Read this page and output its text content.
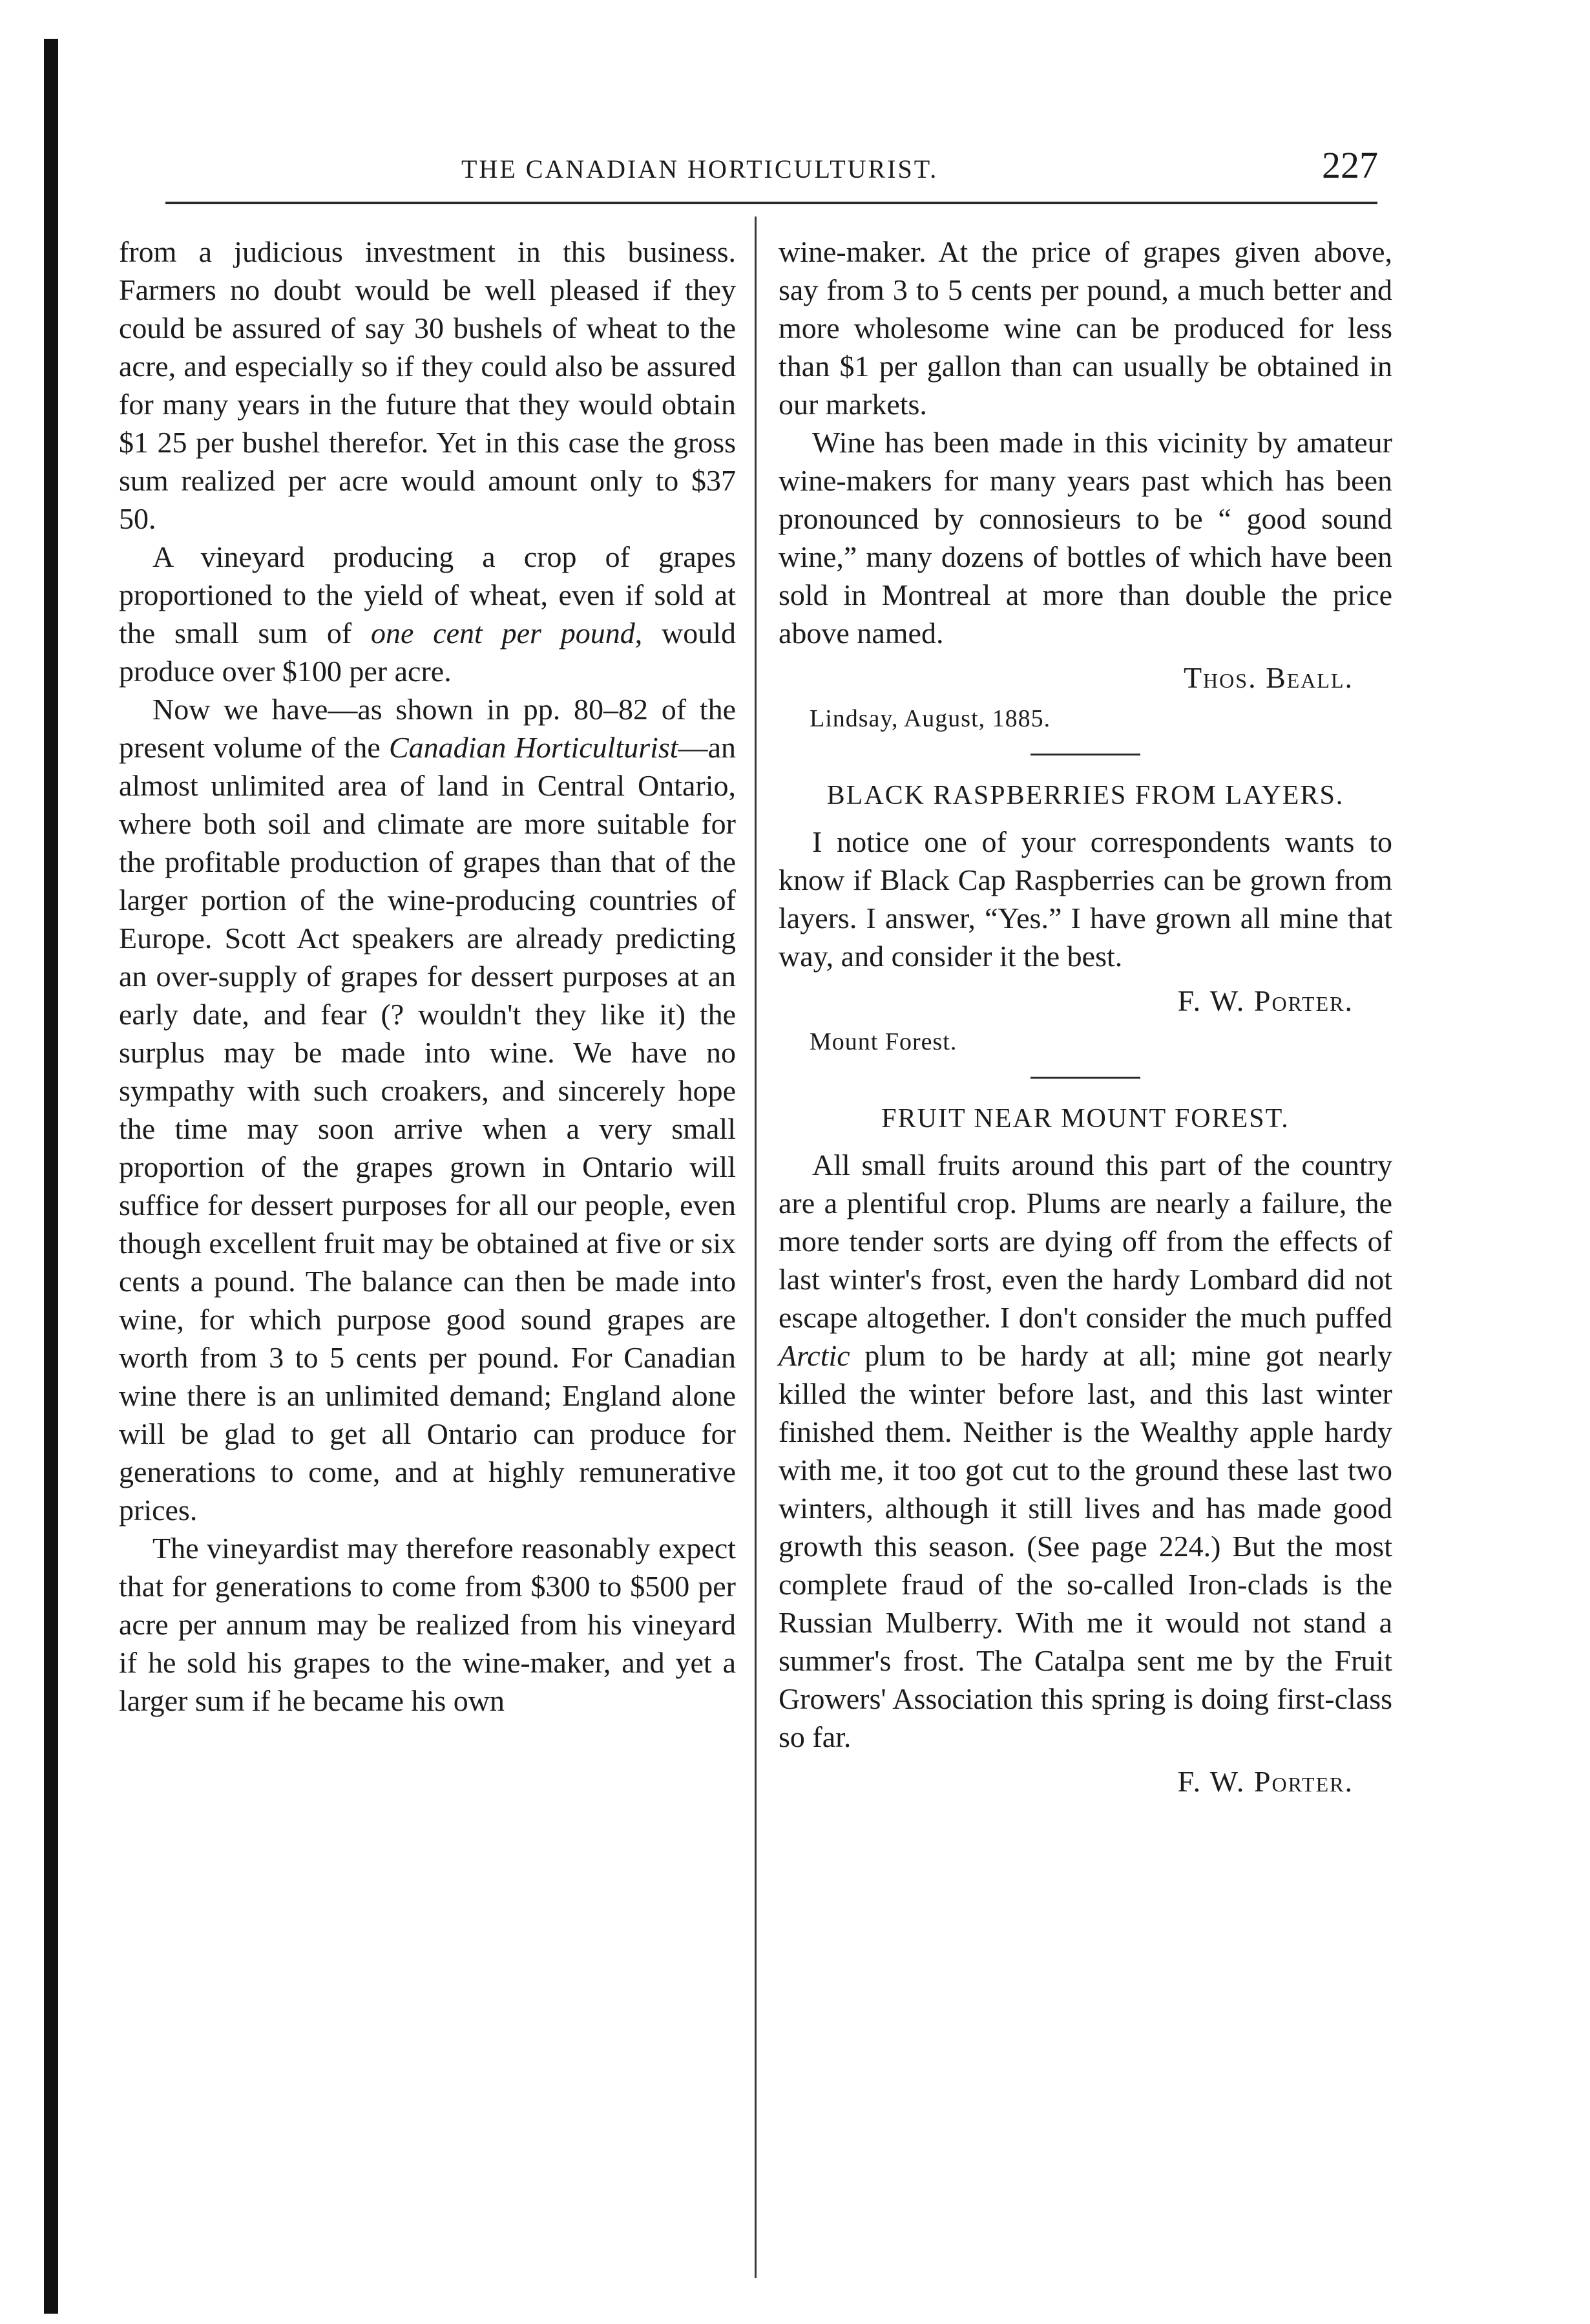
THE CANADIAN HORTICULTURIST.	227

from a judicious investment in this business. Farmers no doubt would be well pleased if they could be assured of say 30 bushels of wheat to the acre, and especially so if they could also be assured for many years in the future that they would obtain $1 25 per bushel therefor. Yet in this case the gross sum realized per acre would amount only to $37 50.

A vineyard producing a crop of grapes proportioned to the yield of wheat, even if sold at the small sum of one cent per pound, would produce over $100 per acre.

Now we have—as shown in pp. 80–82 of the present volume of the Canadian Horticulturist—an almost unlimited area of land in Central Ontario, where both soil and climate are more suitable for the profitable production of grapes than that of the larger portion of the wine-producing countries of Europe. Scott Act speakers are already predicting an over-supply of grapes for dessert purposes at an early date, and fear (? wouldn't they like it) the surplus may be made into wine. We have no sympathy with such croakers, and sincerely hope the time may soon arrive when a very small proportion of the grapes grown in Ontario will suffice for dessert purposes for all our people, even though excellent fruit may be obtained at five or six cents a pound. The balance can then be made into wine, for which purpose good sound grapes are worth from 3 to 5 cents per pound. For Canadian wine there is an unlimited demand; England alone will be glad to get all Ontario can produce for generations to come, and at highly remunerative prices.

The vineyardist may therefore reasonably expect that for generations to come from $300 to $500 per acre per annum may be realized from his vineyard if he sold his grapes to the wine-maker, and yet a larger sum if he became his own

wine-maker. At the price of grapes given above, say from 3 to 5 cents per pound, a much better and more wholesome wine can be produced for less than $1 per gallon than can usually be obtained in our markets.

Wine has been made in this vicinity by amateur wine-makers for many years past which has been pronounced by connosieurs to be “ good sound wine,” many dozens of bottles of which have been sold in Montreal at more than double the price above named.

Thos. Beall.
Lindsay, August, 1885.
BLACK RASPBERRIES FROM LAYERS.

I notice one of your correspondents wants to know if Black Cap Raspberries can be grown from layers. I answer, “Yes.” I have grown all mine that way, and consider it the best.

F. W. Porter.
Mount Forest.
FRUIT NEAR MOUNT FOREST.

All small fruits around this part of the country are a plentiful crop. Plums are nearly a failure, the more tender sorts are dying off from the effects of last winter's frost, even the hardy Lombard did not escape altogether. I don't consider the much puffed Arctic plum to be hardy at all; mine got nearly killed the winter before last, and this last winter finished them. Neither is the Wealthy apple hardy with me, it too got cut to the ground these last two winters, although it still lives and has made good growth this season. (See page 224.) But the most complete fraud of the so-called Iron-clads is the Russian Mulberry. With me it would not stand a summer's frost. The Catalpa sent me by the Fruit Growers' Association this spring is doing first-class so far.

F. W. Porter.
